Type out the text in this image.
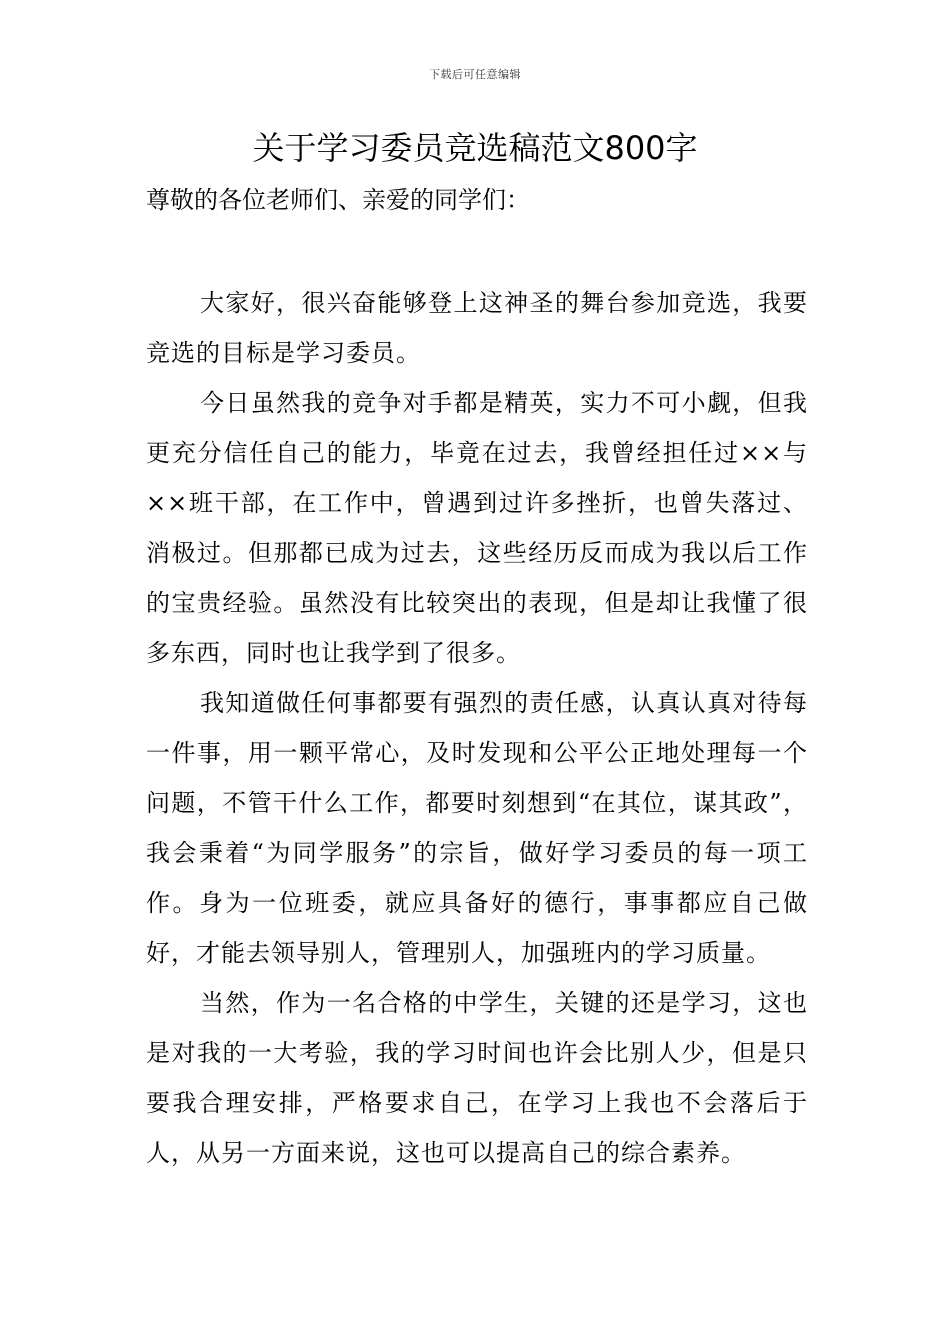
下载后可任意编辑
关于学习委员竞选稿范文800字

尊敬的各位老师们、亲爱的同学们：

大家好，很兴奋能够登上这神圣的舞台参加竞选，我要竞选的目标是学习委员。

今日虽然我的竞争对手都是精英，实力不可小觑，但我更充分信任自己的能力，毕竟在过去，我曾经担任过××与××班干部，在工作中，曾遇到过许多挫折，也曾失落过、消极过。但那都已成为过去，这些经历反而成为我以后工作的宝贵经验。虽然没有比较突出的表现，但是却让我懂了很多东西，同时也让我学到了很多。

我知道做任何事都要有强烈的责任感，认真认真对待每一件事，用一颗平常心，及时发现和公平公正地处理每一个问题，不管干什么工作，都要时刻想到“在其位，谋其政”，我会秉着“为同学服务”的宗旨，做好学习委员的每一项工作。身为一位班委，就应具备好的德行，事事都应自己做好，才能去领导别人，管理别人，加强班内的学习质量。

当然，作为一名合格的中学生，关键的还是学习，这也是对我的一大考验，我的学习时间也许会比别人少，但是只要我合理安排，严格要求自己，在学习上我也不会落后于人，从另一方面来说，这也可以提高自己的综合素养。
